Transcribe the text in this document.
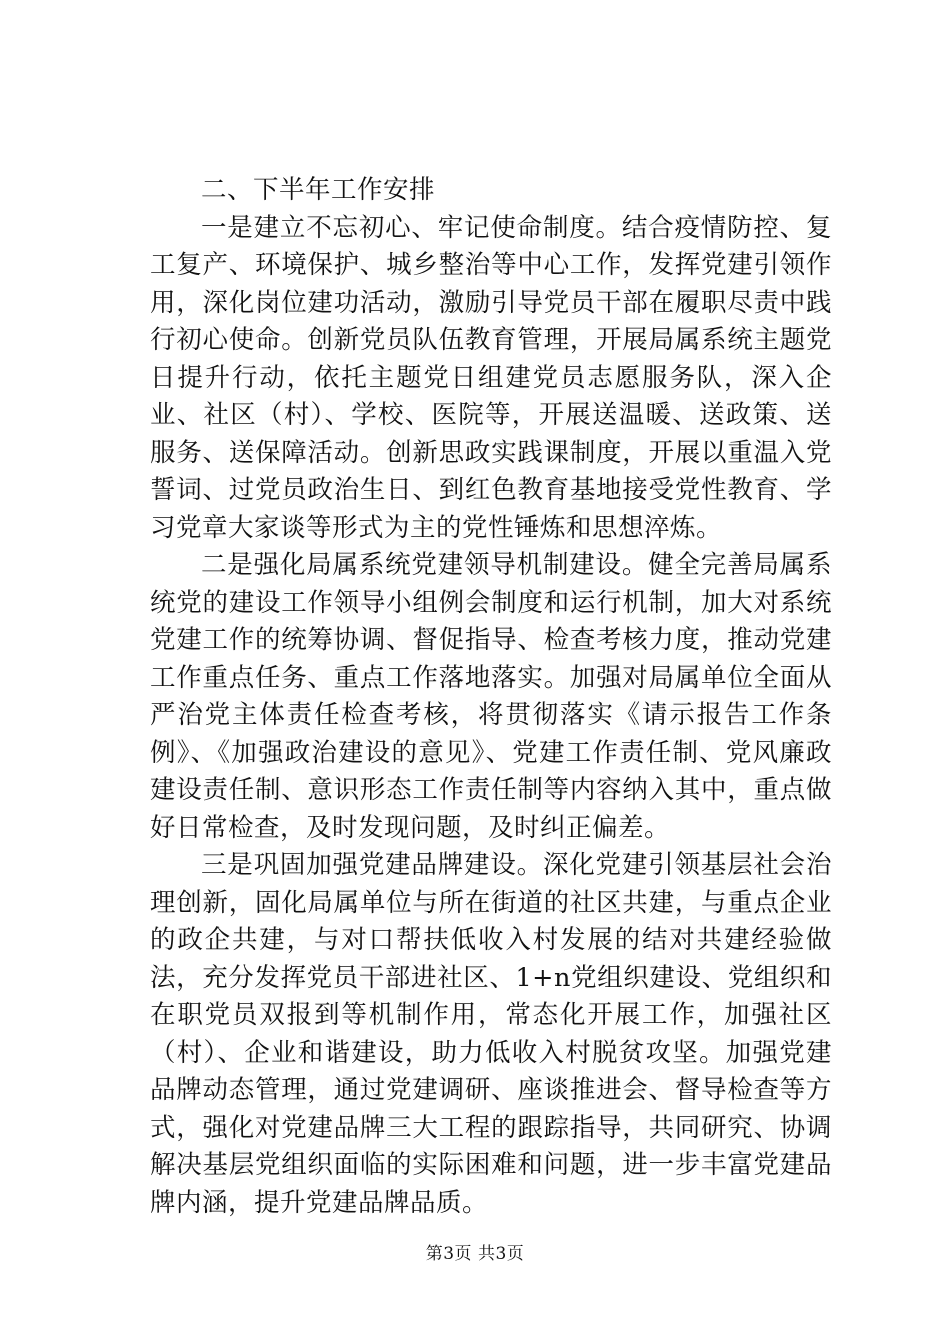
二、下半年工作安排

一是建立不忘初心、牢记使命制度。结合疫情防控、复工复产、环境保护、城乡整治等中心工作，发挥党建引领作用，深化岗位建功活动，激励引导党员干部在履职尽责中践行初心使命。创新党员队伍教育管理，开展局属系统主题党日提升行动，依托主题党日组建党员志愿服务队，深入企业、社区（村）、学校、医院等，开展送温暖、送政策、送服务、送保障活动。创新思政实践课制度，开展以重温入党誓词、过党员政治生日、到红色教育基地接受党性教育、学习党章大家谈等形式为主的党性锤炼和思想淬炼。

二是强化局属系统党建领导机制建设。健全完善局属系统党的建设工作领导小组例会制度和运行机制，加大对系统党建工作的统筹协调、督促指导、检查考核力度，推动党建工作重点任务、重点工作落地落实。加强对局属单位全面从严治党主体责任检查考核，将贯彻落实《请示报告工作条例》、《加强政治建设的意见》、党建工作责任制、党风廉政建设责任制、意识形态工作责任制等内容纳入其中，重点做好日常检查，及时发现问题，及时纠正偏差。

三是巩固加强党建品牌建设。深化党建引领基层社会治理创新，固化局属单位与所在街道的社区共建，与重点企业的政企共建，与对口帮扶低收入村发展的结对共建经验做法，充分发挥党员干部进社区、1+n党组织建设、党组织和在职党员双报到等机制作用，常态化开展工作，加强社区（村）、企业和谐建设，助力低收入村脱贫攻坚。加强党建品牌动态管理，通过党建调研、座谈推进会、督导检查等方式，强化对党建品牌三大工程的跟踪指导，共同研究、协调解决基层党组织面临的实际困难和问题，进一步丰富党建品牌内涵，提升党建品牌品质。

第3页 共3页
